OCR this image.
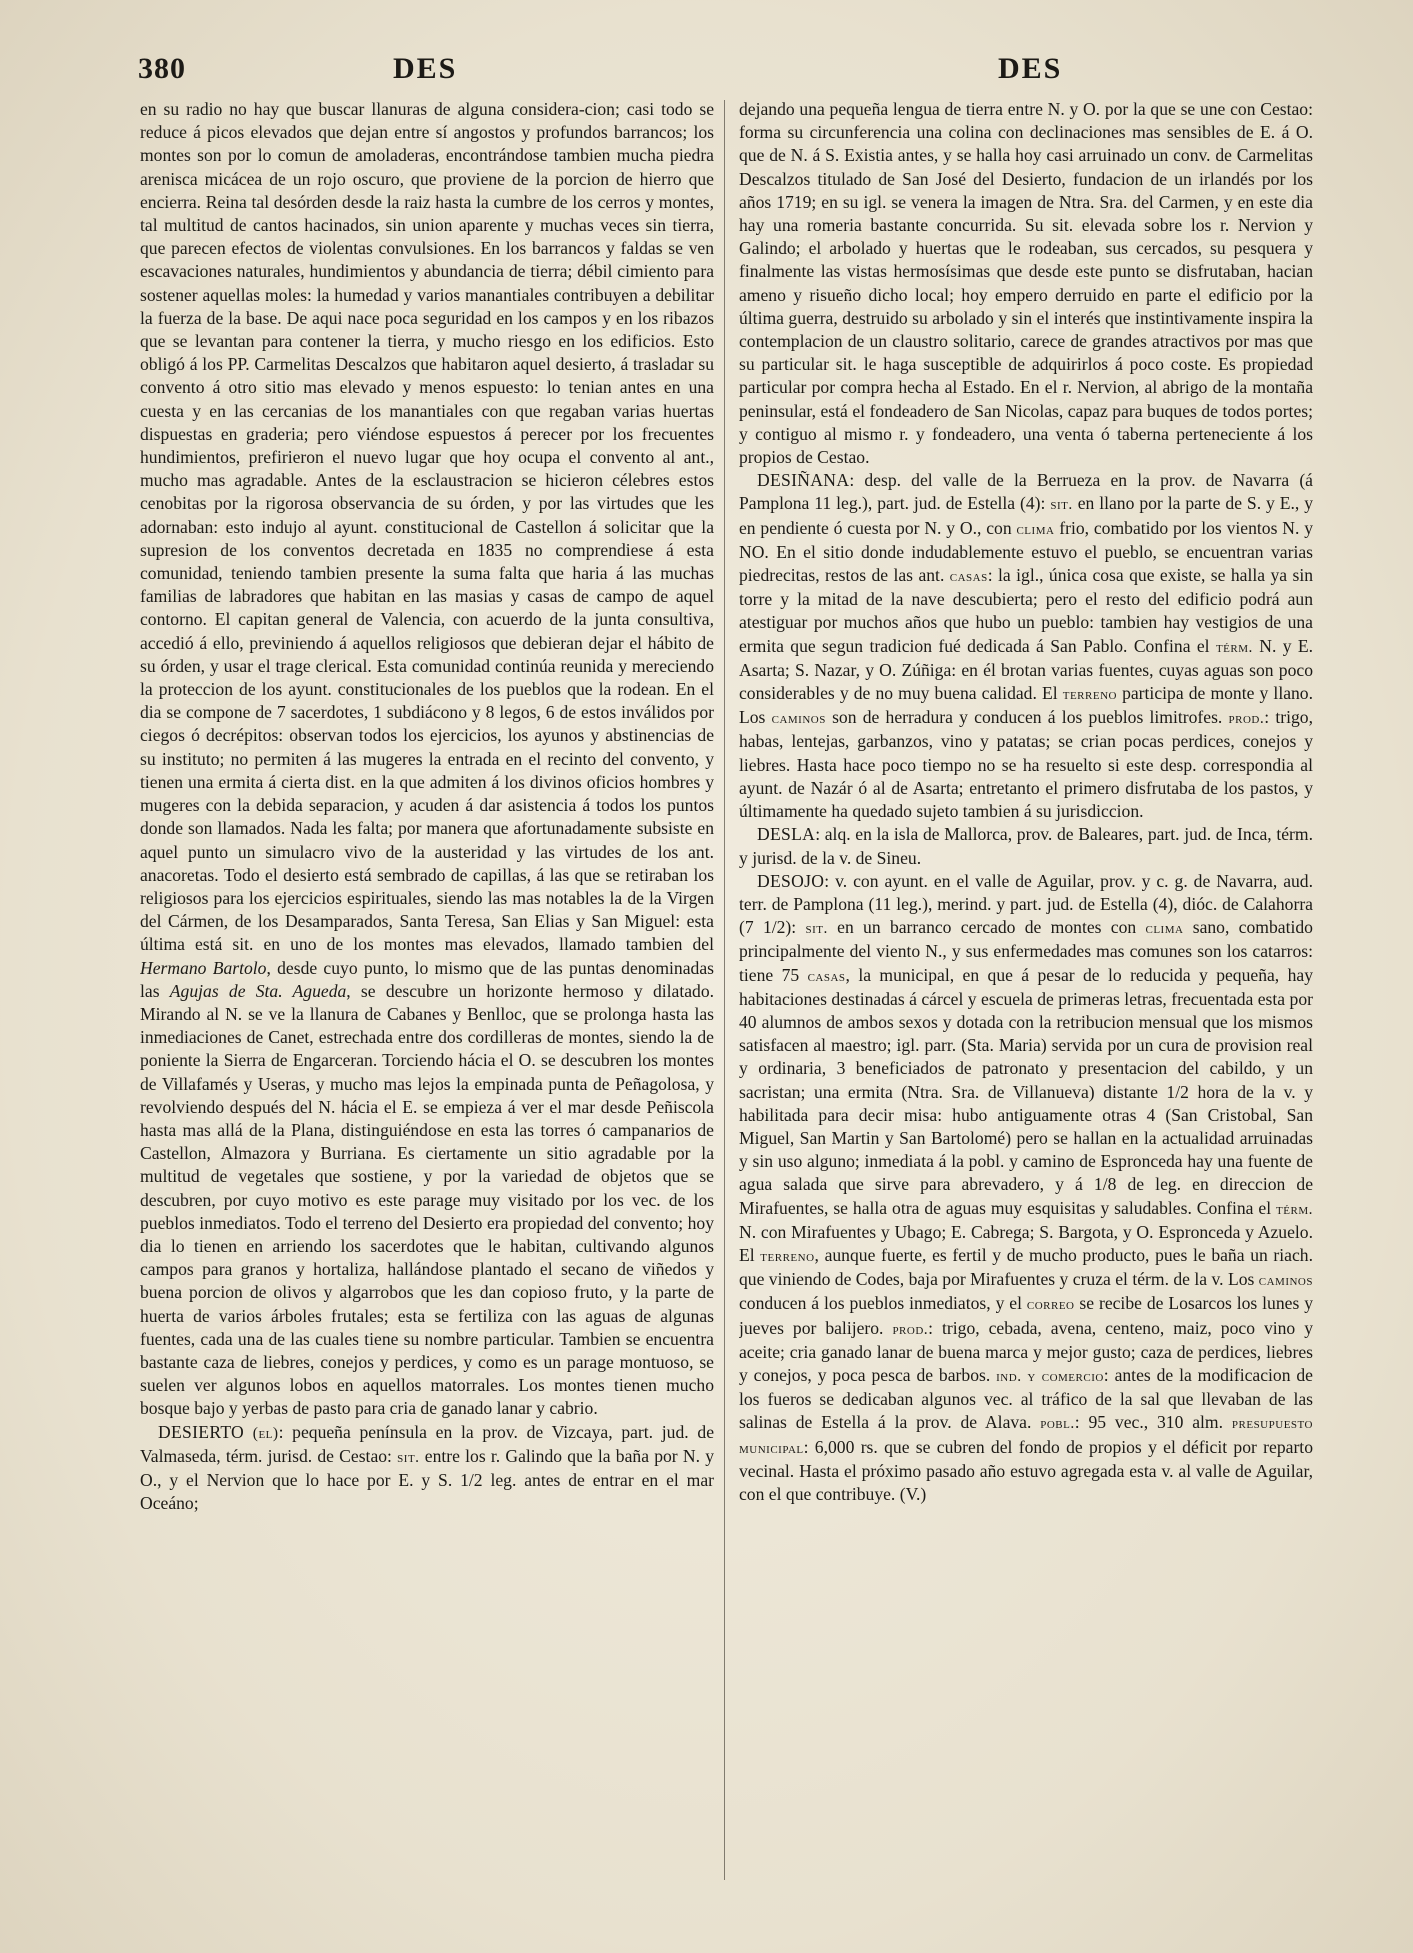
380	DES	DES

en su radio no hay que buscar llanuras de alguna considera-cion; casi todo se reduce á picos elevados que dejan entre sí angostos y profundos barrancos; los montes son por lo comun de amoladeras, encontrándose tambien mucha piedra arenisca micácea de un rojo oscuro, que proviene de la porcion de hierro que encierra. Reina tal desórden desde la raiz hasta la cumbre de los cerros y montes, tal multitud de cantos hacinados, sin union aparente y muchas veces sin tierra, que parecen efectos de violentas convulsiones. En los barrancos y faldas se ven escavaciones naturales, hundimientos y abundancia de tierra; débil cimiento para sostener aquellas moles: la humedad y varios manantiales contribuyen a debilitar la fuerza de la base. De aqui nace poca seguridad en los campos y en los ribazos que se levantan para contener la tierra, y mucho riesgo en los edificios. Esto obligó á los PP. Carmelitas Descalzos que habitaron aquel desierto, á trasladar su convento á otro sitio mas elevado y menos espuesto: lo tenian antes en una cuesta y en las cercanias de los manantiales con que regaban varias huertas dispuestas en graderia; pero viéndose espuestos á perecer por los frecuentes hundimientos, prefirieron el nuevo lugar que hoy ocupa el convento al ant., mucho mas agradable. Antes de la esclaustracion se hicieron célebres estos cenobitas por la rigorosa observancia de su órden, y por las virtudes que les adornaban: esto indujo al ayunt. constitucional de Castellon á solicitar que la supresion de los conventos decretada en 1835 no comprendiese á esta comunidad, teniendo tambien presente la suma falta que haria á las muchas familias de labradores que habitan en las masias y casas de campo de aquel contorno. El capitan general de Valencia, con acuerdo de la junta consultiva, accedió á ello, previniendo á aquellos religiosos que debieran dejar el hábito de su órden, y usar el trage clerical. Esta comunidad continúa reunida y mereciendo la proteccion de los ayunt. constitucionales de los pueblos que la rodean. En el dia se compone de 7 sacerdotes, 1 subdiácono y 8 legos, 6 de estos inválidos por ciegos ó decrépitos: observan todos los ejercicios, los ayunos y abstinencias de su instituto; no permiten á las mugeres la entrada en el recinto del convento, y tienen una ermita á cierta dist. en la que admiten á los divinos oficios hombres y mugeres con la debida separacion, y acuden á dar asistencia á todos los puntos donde son llamados. Nada les falta; por manera que afortunadamente subsiste en aquel punto un simulacro vivo de la austeridad y las virtudes de los ant. anacoretas. Todo el desierto está sembrado de capillas, á las que se retiraban los religiosos para los ejercicios espirituales, siendo las mas notables la de la Virgen del Cármen, de los Desamparados, Santa Teresa, San Elias y San Miguel: esta última está sit. en uno de los montes mas elevados, llamado tambien del Hermano Bartolo, desde cuyo punto, lo mismo que de las puntas denominadas las Agujas de Sta. Agueda, se descubre un horizonte hermoso y dilatado. Mirando al N. se ve la llanura de Cabanes y Benlloc, que se prolonga hasta las inmediaciones de Canet, estrechada entre dos cordilleras de montes, siendo la de poniente la Sierra de Engarceran. Torciendo hácia el O. se descubren los montes de Villafamés y Useras, y mucho mas lejos la empinada punta de Peñagolosa, y revolviendo después del N. hácia el E. se empieza á ver el mar desde Peñiscola hasta mas allá de la Plana, distinguiéndose en esta las torres ó campanarios de Castellon, Almazora y Burriana. Es ciertamente un sitio agradable por la multitud de vegetales que sostiene, y por la variedad de objetos que se descubren, por cuyo motivo es este parage muy visitado por los vec. de los pueblos inmediatos. Todo el terreno del Desierto era propiedad del convento; hoy dia lo tienen en arriendo los sacerdotes que le habitan, cultivando algunos campos para granos y hortaliza, hallándose plantado el secano de viñedos y buena porcion de olivos y algarrobos que les dan copioso fruto, y la parte de huerta de varios árboles frutales; esta se fertiliza con las aguas de algunas fuentes, cada una de las cuales tiene su nombre particular. Tambien se encuentra bastante caza de liebres, conejos y perdices, y como es un parage montuoso, se suelen ver algunos lobos en aquellos matorrales. Los montes tienen mucho bosque bajo y yerbas de pasto para cria de ganado lanar y cabrio.

DESIERTO (el): pequeña península en la prov. de Vizcaya, part. jud. de Valmaseda, térm. jurisd. de Cestao: sit. entre los r. Galindo que la baña por N. y O., y el Nervion que lo hace por E. y S. 1/2 leg. antes de entrar en el mar Oceáno;

dejando una pequeña lengua de tierra entre N. y O. por la que se une con Cestao: forma su circunferencia una colina con declinaciones mas sensibles de E. á O. que de N. á S. Existia antes, y se halla hoy casi arruinado un conv. de Carmelitas Descalzos titulado de San José del Desierto, fundacion de un irlandés por los años 1719; en su igl. se venera la imagen de Ntra. Sra. del Carmen, y en este dia hay una romeria bastante concurrida. Su sit. elevada sobre los r. Nervion y Galindo; el arbolado y huertas que le rodeaban, sus cercados, su pesquera y finalmente las vistas hermosísimas que desde este punto se disfrutaban, hacian ameno y risueño dicho local; hoy empero derruido en parte el edificio por la última guerra, destruido su arbolado y sin el interés que instintivamente inspira la contemplacion de un claustro solitario, carece de grandes atractivos por mas que su particular sit. le haga susceptible de adquirirlos á poco coste. Es propiedad particular por compra hecha al Estado. En el r. Nervion, al abrigo de la montaña peninsular, está el fondeadero de San Nicolas, capaz para buques de todos portes; y contiguo al mismo r. y fondeadero, una venta ó taberna perteneciente á los propios de Cestao.

DESIÑANA: desp. del valle de la Berrueza en la prov. de Navarra (á Pamplona 11 leg.), part. jud. de Estella (4): sit. en llano por la parte de S. y E., y en pendiente ó cuesta por N. y O., con clima frio, combatido por los vientos N. y NO. En el sitio donde indudablemente estuvo el pueblo, se encuentran varias piedrecitas, restos de las ant. casas: la igl., única cosa que existe, se halla ya sin torre y la mitad de la nave descubierta; pero el resto del edificio podrá aun atestiguar por muchos años que hubo un pueblo: tambien hay vestigios de una ermita que segun tradicion fué dedicada á San Pablo. Confina el térm. N. y E. Asarta; S. Nazar, y O. Zúñiga: en él brotan varias fuentes, cuyas aguas son poco considerables y de no muy buena calidad. El terreno participa de monte y llano. Los caminos son de herradura y conducen á los pueblos limitrofes. prod.: trigo, habas, lentejas, garbanzos, vino y patatas; se crian pocas perdices, conejos y liebres. Hasta hace poco tiempo no se ha resuelto si este desp. correspondia al ayunt. de Nazár ó al de Asarta; entretanto el primero disfrutaba de los pastos, y últimamente ha quedado sujeto tambien á su jurisdiccion.

DESLA: alq. en la isla de Mallorca, prov. de Baleares, part. jud. de Inca, térm. y jurisd. de la v. de Sineu.

DESOJO: v. con ayunt. en el valle de Aguilar, prov. y c. g. de Navarra, aud. terr. de Pamplona (11 leg.), merind. y part. jud. de Estella (4), dióc. de Calahorra (7 1/2): sit. en un barranco cercado de montes con clima sano, combatido principalmente del viento N., y sus enfermedades mas comunes son los catarros: tiene 75 casas, la municipal, en que á pesar de lo reducida y pequeña, hay habitaciones destinadas á cárcel y escuela de primeras letras, frecuentada esta por 40 alumnos de ambos sexos y dotada con la retribucion mensual que los mismos satisfacen al maestro; igl. parr. (Sta. Maria) servida por un cura de provision real y ordinaria, 3 beneficiados de patronato y presentacion del cabildo, y un sacristan; una ermita (Ntra. Sra. de Villanueva) distante 1/2 hora de la v. y habilitada para decir misa: hubo antiguamente otras 4 (San Cristobal, San Miguel, San Martin y San Bartolomé) pero se hallan en la actualidad arruinadas y sin uso alguno; inmediata á la pobl. y camino de Espronceda hay una fuente de agua salada que sirve para abrevadero, y á 1/8 de leg. en direccion de Mirafuentes, se halla otra de aguas muy esquisitas y saludables. Confina el térm. N. con Mirafuentes y Ubago; E. Cabrega; S. Bargota, y O. Espronceda y Azuelo. El terreno, aunque fuerte, es fertil y de mucho producto, pues le baña un riach. que viniendo de Codes, baja por Mirafuentes y cruza el térm. de la v. Los caminos conducen á los pueblos inmediatos, y el correo se recibe de Losarcos los lunes y jueves por balijero. prod.: trigo, cebada, avena, centeno, maiz, poco vino y aceite; cria ganado lanar de buena marca y mejor gusto; caza de perdices, liebres y conejos, y poca pesca de barbos. ind. y comercio: antes de la modificacion de los fueros se dedicaban algunos vec. al tráfico de la sal que llevaban de las salinas de Estella á la prov. de Alava. pobl.: 95 vec., 310 alm. presupuesto municipal: 6,000 rs. que se cubren del fondo de propios y el déficit por reparto vecinal. Hasta el próximo pasado año estuvo agregada esta v. al valle de Aguilar, con el que contribuye. (V.)
